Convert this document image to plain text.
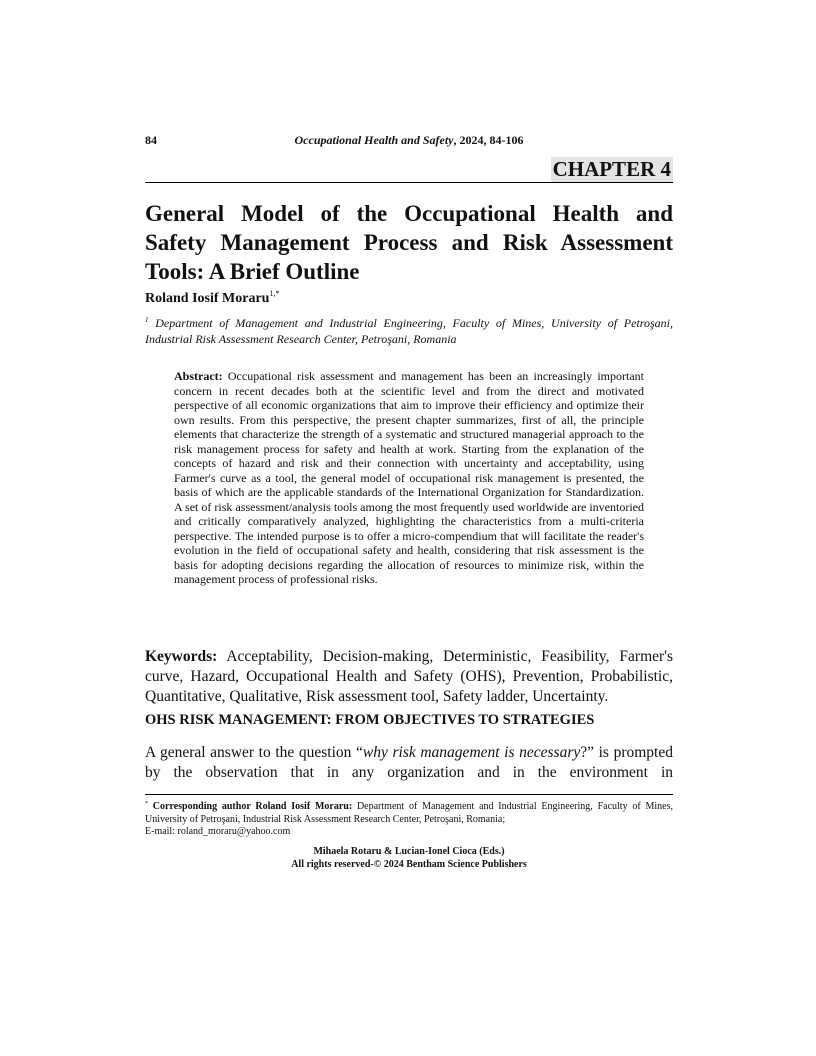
84	Occupational Health and Safety, 2024, 84-106
CHAPTER 4
General Model of the Occupational Health and Safety Management Process and Risk Assessment Tools: A Brief Outline
Roland Iosif Moraru$^{1,*}$

$^1$ Department of Management and Industrial Engineering, Faculty of Mines, University of Petroşani, Industrial Risk Assessment Research Center, Petroşani, Romania

Abstract: Occupational risk assessment and management has been an increasingly important concern in recent decades both at the scientific level and from the direct and motivated perspective of all economic organizations that aim to improve their efficiency and optimize their own results. From this perspective, the present chapter summarizes, first of all, the principle elements that characterize the strength of a systematic and structured managerial approach to the risk management process for safety and health at work. Starting from the explanation of the concepts of hazard and risk and their connection with uncertainty and acceptability, using Farmer's curve as a tool, the general model of occupational risk management is presented, the basis of which are the applicable standards of the International Organization for Standardization. A set of risk assessment/analysis tools among the most frequently used worldwide are inventoried and critically comparatively analyzed, highlighting the characteristics from a multi-criteria perspective. The intended purpose is to offer a micro-compendium that will facilitate the reader's evolution in the field of occupational safety and health, considering that risk assessment is the basis for adopting decisions regarding the allocation of resources to minimize risk, within the management process of professional risks.

Keywords: Acceptability, Decision-making, Deterministic, Feasibility, Farmer's curve, Hazard, Occupational Health and Safety (OHS), Prevention, Probabilistic, Quantitative, Qualitative, Risk assessment tool, Safety ladder, Uncertainty.

OHS RISK MANAGEMENT: FROM OBJECTIVES TO STRATEGIES

A general answer to the question “why risk management is necessary?” is prompted by the observation that in any organization and in the environment in

* Corresponding author Roland Iosif Moraru: Department of Management and Industrial Engineering, Faculty of Mines, University of Petroşani, Industrial Risk Assessment Research Center, Petroşani, Romania;
E-mail: roland_moraru@yahoo.com

Mihaela Rotaru & Lucian-Ionel Cioca (Eds.)
All rights reserved-© 2024 Bentham Science Publishers
